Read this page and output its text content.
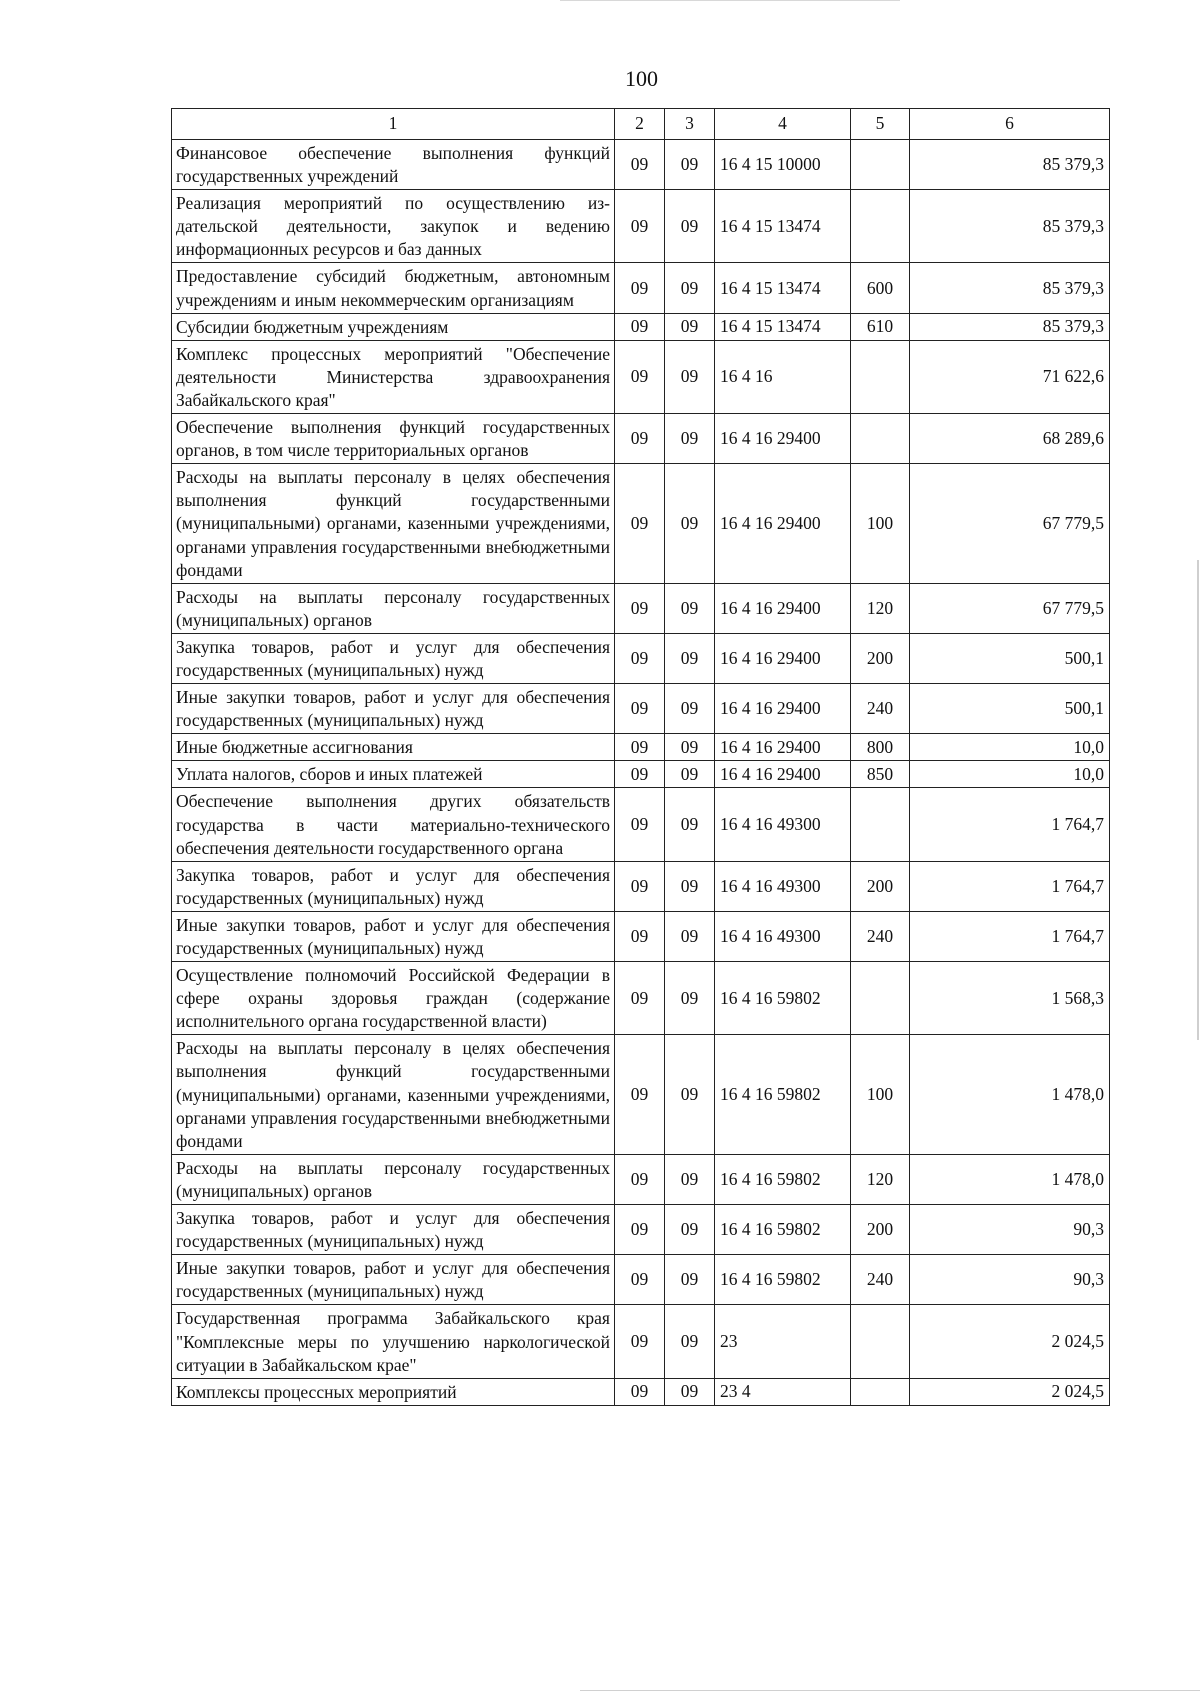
100
1	2	3	4	5	6
Финансовое обеспечение выполнения функций государственных учреждений	09	09	16 4 15 10000		85 379,3
Реализация мероприятий по осуществлению издательской деятельности, закупок и ведению информационных ресурсов и баз данных	09	09	16 4 15 13474		85 379,3
Предоставление субсидий бюджетным, автономным учреждениям и иным некоммерческим организациям	09	09	16 4 15 13474	600	85 379,3
Субсидии бюджетным учреждениям	09	09	16 4 15 13474	610	85 379,3
Комплекс процессных мероприятий "Обеспечение деятельности Министерства здравоохранения Забайкальского края"	09	09	16 4 16		71 622,6
Обеспечение выполнения функций государственных органов, в том числе территориальных органов	09	09	16 4 16 29400		68 289,6
Расходы на выплаты персоналу в целях обеспечения выполнения функций государственными (муниципальными) органами, казенными учреждениями, органами управления государственными внебюджетными фондами	09	09	16 4 16 29400	100	67 779,5
Расходы на выплаты персоналу государственных (муниципальных) органов	09	09	16 4 16 29400	120	67 779,5
Закупка товаров, работ и услуг для обеспечения государственных (муниципальных) нужд	09	09	16 4 16 29400	200	500,1
Иные закупки товаров, работ и услуг для обеспечения государственных (муниципальных) нужд	09	09	16 4 16 29400	240	500,1
Иные бюджетные ассигнования	09	09	16 4 16 29400	800	10,0
Уплата налогов, сборов и иных платежей	09	09	16 4 16 29400	850	10,0
Обеспечение выполнения других обязательств государства в части материально-технического обеспечения деятельности государственного органа	09	09	16 4 16 49300		1 764,7
Закупка товаров, работ и услуг для обеспечения государственных (муниципальных) нужд	09	09	16 4 16 49300	200	1 764,7
Иные закупки товаров, работ и услуг для обеспечения государственных (муниципальных) нужд	09	09	16 4 16 49300	240	1 764,7
Осуществление полномочий Российской Федерации в сфере охраны здоровья граждан (содержание исполнительного органа государственной власти)	09	09	16 4 16 59802		1 568,3
Расходы на выплаты персоналу в целях обеспечения выполнения функций государственными (муниципальными) органами, казенными учреждениями, органами управления государственными внебюджетными фондами	09	09	16 4 16 59802	100	1 478,0
Расходы на выплаты персоналу государственных (муниципальных) органов	09	09	16 4 16 59802	120	1 478,0
Закупка товаров, работ и услуг для обеспечения государственных (муниципальных) нужд	09	09	16 4 16 59802	200	90,3
Иные закупки товаров, работ и услуг для обеспечения государственных (муниципальных) нужд	09	09	16 4 16 59802	240	90,3
Государственная программа Забайкальского края "Комплексные меры по улучшению наркологической ситуации в Забайкальском крае"	09	09	23		2 024,5
Комплексы процессных мероприятий	09	09	23 4		2 024,5
